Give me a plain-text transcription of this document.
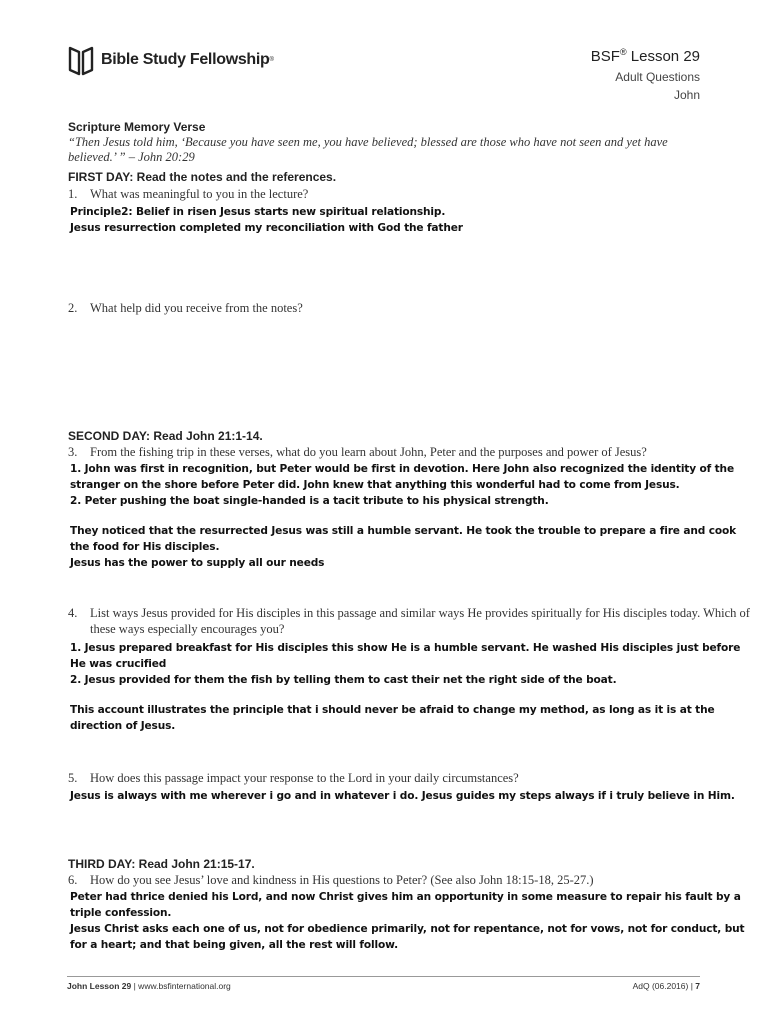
Bible Study Fellowship ®	BSF® Lesson 29
Adult Questions
John
Scripture Memory Verse
“Then Jesus told him, ‘Because you have seen me, you have believed; blessed are those who have not seen and yet have believed.’ ” – John 20:29
FIRST DAY: Read the notes and the references.
1. What was meaningful to you in the lecture?

Principle2: Belief in risen Jesus starts new spiritual relationship.

Jesus resurrection completed my reconciliation with God the father

2. What help did you receive from the notes?
SECOND DAY: Read John 21:1-14.
3. From the fishing trip in these verses, what do you learn about John, Peter and the purposes and power of Jesus?

1. John was first in recognition, but Peter would be first in devotion. Here John also recognized the identity of the stranger on the shore before Peter did. John knew that anything this wonderful had to come from Jesus.

2. Peter pushing the boat single-handed is a tacit tribute to his physical strength.

They noticed that the resurrected Jesus was still a humble servant. He took the trouble to prepare a fire and cook the food for His disciples.

Jesus has the power to supply all our needs

4. List ways Jesus provided for His disciples in this passage and similar ways He provides spiritually for His disciples today. Which of these ways especially encourages you?

1. Jesus prepared breakfast for His disciples this show He is a humble servant. He washed His disciples just before He was crucified

2. Jesus provided for them the fish by telling them to cast their net the right side of the boat.

This account illustrates the principle that i should never be afraid to change my method, as long as it is at the direction of Jesus.

5. How does this passage impact your response to the Lord in your daily circumstances?

Jesus is always with me wherever i go and in whatever i do. Jesus guides my steps always if i truly believe in Him.

THIRD DAY: Read John 21:15-17.
6. How do you see Jesus’ love and kindness in His questions to Peter? (See also John 18:15-18, 25-27.)

Peter had thrice denied his Lord, and now Christ gives him an opportunity in some measure to repair his fault by a triple confession.

Jesus Christ asks each one of us, not for obedience primarily, not for repentance, not for vows, not for conduct, but for a heart; and that being given, all the rest will follow.

John Lesson 29 | www.bsfinternational.org	AdQ (06.2016) | 7
